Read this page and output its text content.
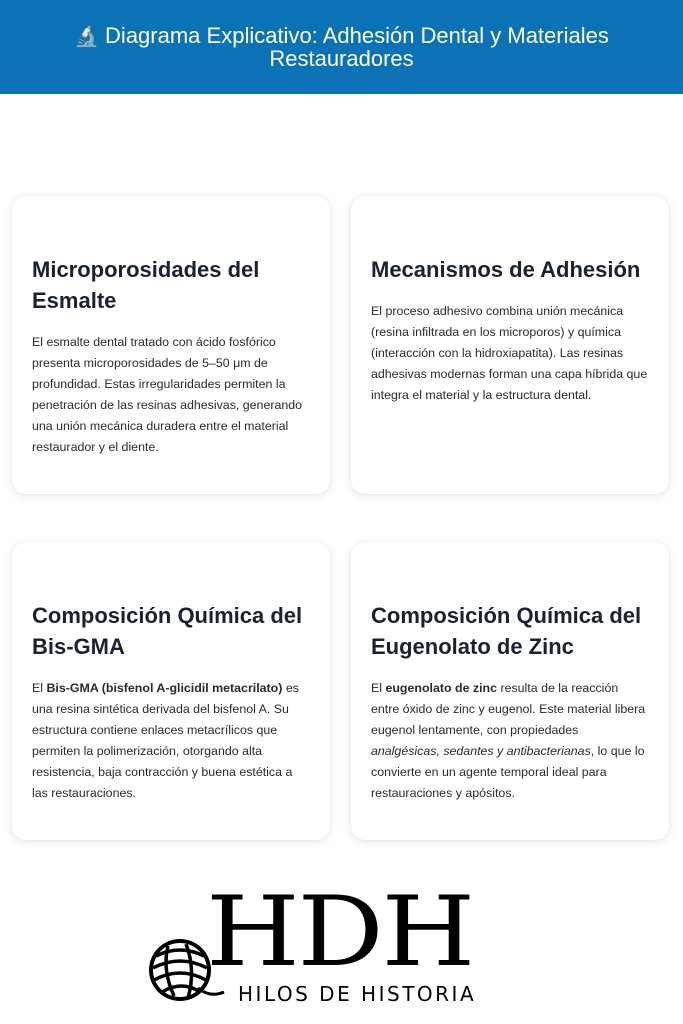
🔬 Diagrama Explicativo: Adhesión Dental y Materiales Restauradores
Microporosidades del Esmalte

El esmalte dental tratado con ácido fosfórico presenta microporosidades de 5–50 μm de profundidad. Estas irregularidades permiten la penetración de las resinas adhesivas, generando una unión mecánica duradera entre el material restaurador y el diente.

Mecanismos de Adhesión

El proceso adhesivo combina unión mecánica (resina infiltrada en los microporos) y química (interacción con la hidroxiapatita). Las resinas adhesivas modernas forman una capa híbrida que integra el material y la estructura dental.

Composición Química del Bis-GMA

El Bis-GMA (bisfenol A-glicidil metacrilato) es una resina sintética derivada del bisfenol A. Su estructura contiene enlaces metacrílicos que permiten la polimerización, otorgando alta resistencia, baja contracción y buena estética a las restauraciones.

Composición Química del Eugenolato de Zinc

El eugenolato de zinc resulta de la reacción entre óxido de zinc y eugenol. Este material libera eugenol lentamente, con propiedades analgésicas, sedantes y antibacterianas, lo que lo convierte en un agente temporal ideal para restauraciones y apósitos.

HDH
HILOS DE HISTORIA
